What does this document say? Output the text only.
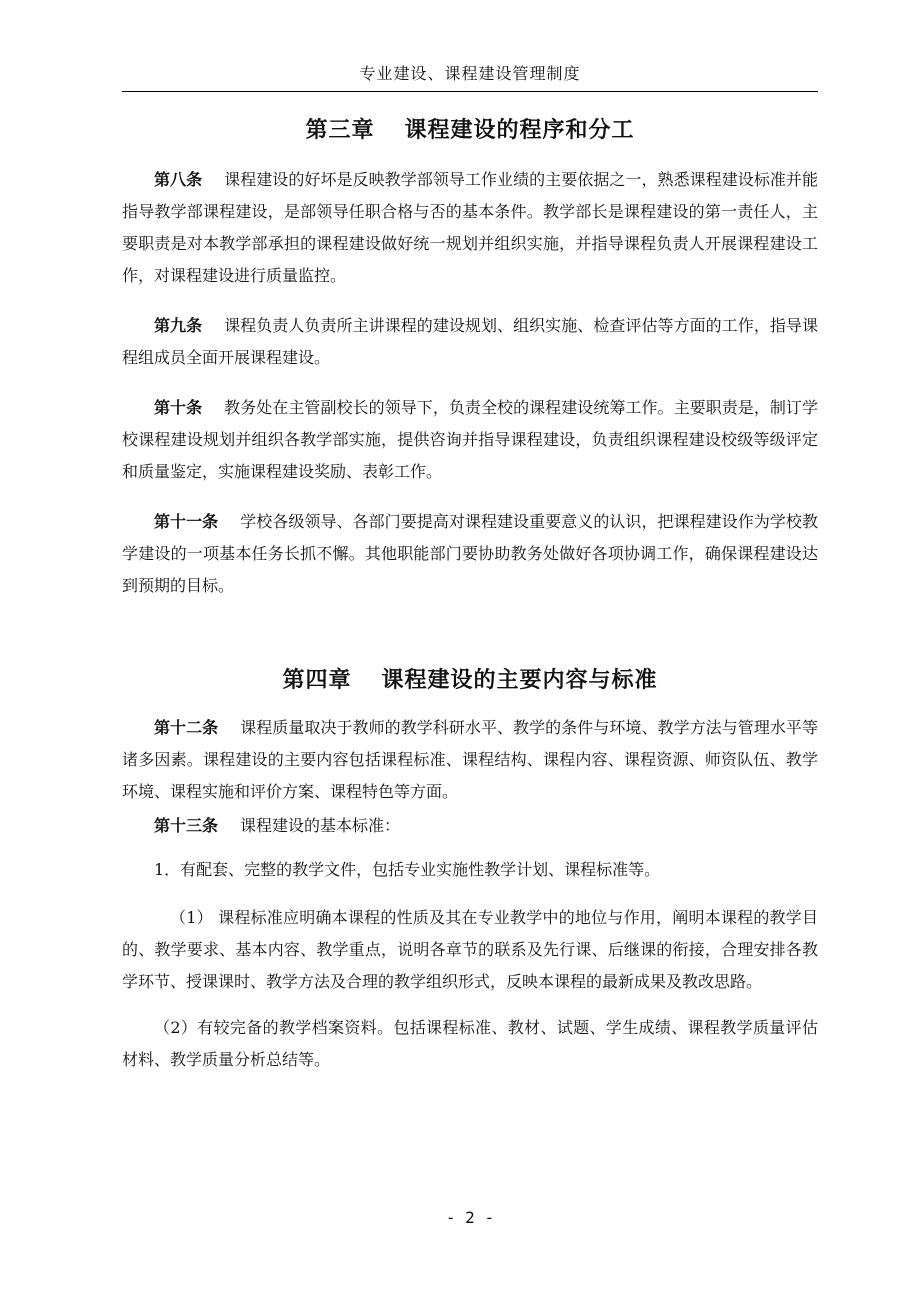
专业建设、课程建设管理制度
第三章 课程建设的程序和分工

第八条 课程建设的好坏是反映教学部领导工作业绩的主要依据之一，熟悉课程建设标准并能指导教学部课程建设，是部领导任职合格与否的基本条件。教学部长是课程建设的第一责任人，主要职责是对本教学部承担的课程建设做好统一规划并组织实施，并指导课程负责人开展课程建设工作，对课程建设进行质量监控。

第九条 课程负责人负责所主讲课程的建设规划、组织实施、检查评估等方面的工作，指导课程组成员全面开展课程建设。

第十条 教务处在主管副校长的领导下，负责全校的课程建设统筹工作。主要职责是，制订学校课程建设规划并组织各教学部实施，提供咨询并指导课程建设，负责组织课程建设校级等级评定和质量鉴定，实施课程建设奖励、表彰工作。

第十一条 学校各级领导、各部门要提高对课程建设重要意义的认识，把课程建设作为学校教学建设的一项基本任务长抓不懈。其他职能部门要协助教务处做好各项协调工作，确保课程建设达到预期的目标。

第四章 课程建设的主要内容与标准

第十二条 课程质量取决于教师的教学科研水平、教学的条件与环境、教学方法与管理水平等诸多因素。课程建设的主要内容包括课程标准、课程结构、课程内容、课程资源、师资队伍、教学环境、课程实施和评价方案、课程特色等方面。

第十三条 课程建设的基本标准：

1．有配套、完整的教学文件，包括专业实施性教学计划、课程标准等。

（1） 课程标准应明确本课程的性质及其在专业教学中的地位与作用，阐明本课程的教学目的、教学要求、基本内容、教学重点，说明各章节的联系及先行课、后继课的衔接，合理安排各教学环节、授课课时、教学方法及合理的教学组织形式，反映本课程的最新成果及教改思路。

（2）有较完备的教学档案资料。包括课程标准、教材、试题、学生成绩、课程教学质量评估材料、教学质量分析总结等。

- 2 -
